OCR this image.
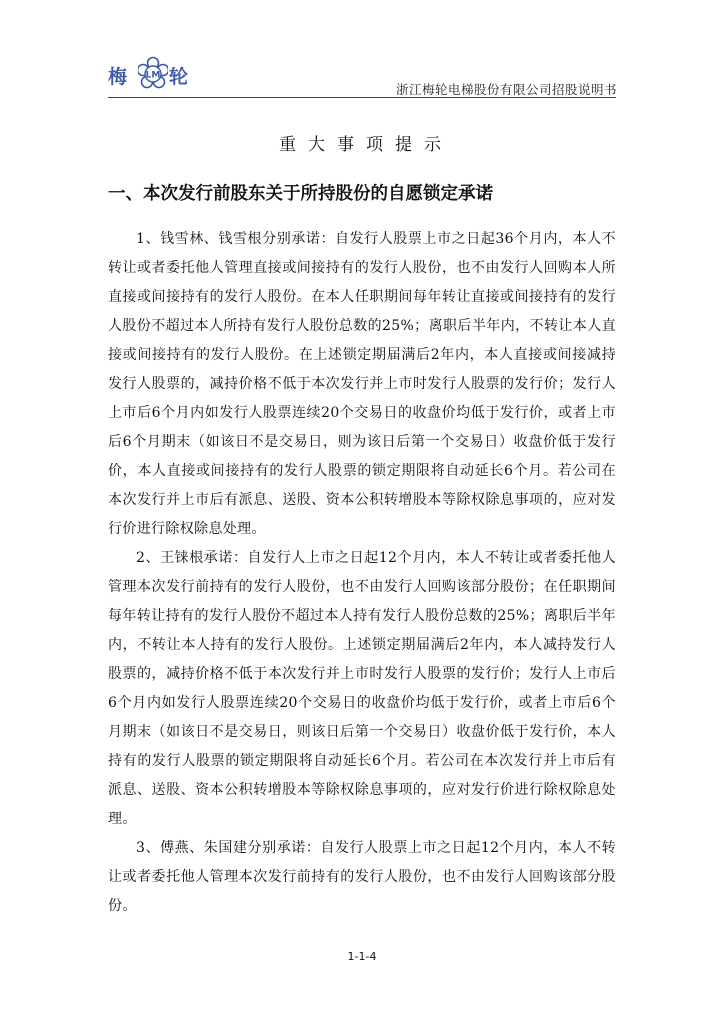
梅 LM 轮
浙江梅轮电梯股份有限公司招股说明书
重大事项提示
一、本次发行前股东关于所持股份的自愿锁定承诺

1、钱雪林、钱雪根分别承诺：自发行人股票上市之日起36个月内，本人不转让或者委托他人管理直接或间接持有的发行人股份，也不由发行人回购本人所直接或间接持有的发行人股份。在本人任职期间每年转让直接或间接持有的发行人股份不超过本人所持有发行人股份总数的25%；离职后半年内，不转让本人直接或间接持有的发行人股份。在上述锁定期届满后2年内，本人直接或间接减持发行人股票的，减持价格不低于本次发行并上市时发行人股票的发行价；发行人上市后6个月内如发行人股票连续20个交易日的收盘价均低于发行价，或者上市后6个月期末（如该日不是交易日，则为该日后第一个交易日）收盘价低于发行价，本人直接或间接持有的发行人股票的锁定期限将自动延长6个月。若公司在本次发行并上市后有派息、送股、资本公积转增股本等除权除息事项的，应对发行价进行除权除息处理。

2、王铼根承诺：自发行人上市之日起12个月内，本人不转让或者委托他人管理本次发行前持有的发行人股份，也不由发行人回购该部分股份；在任职期间每年转让持有的发行人股份不超过本人持有发行人股份总数的25%；离职后半年内，不转让本人持有的发行人股份。上述锁定期届满后2年内，本人减持发行人股票的，减持价格不低于本次发行并上市时发行人股票的发行价；发行人上市后6个月内如发行人股票连续20个交易日的收盘价均低于发行价，或者上市后6个月期末（如该日不是交易日，则该日后第一个交易日）收盘价低于发行价，本人持有的发行人股票的锁定期限将自动延长6个月。若公司在本次发行并上市后有派息、送股、资本公积转增股本等除权除息事项的，应对发行价进行除权除息处理。

3、傅燕、朱国建分别承诺：自发行人股票上市之日起12个月内，本人不转让或者委托他人管理本次发行前持有的发行人股份，也不由发行人回购该部分股份。

1-1-4
